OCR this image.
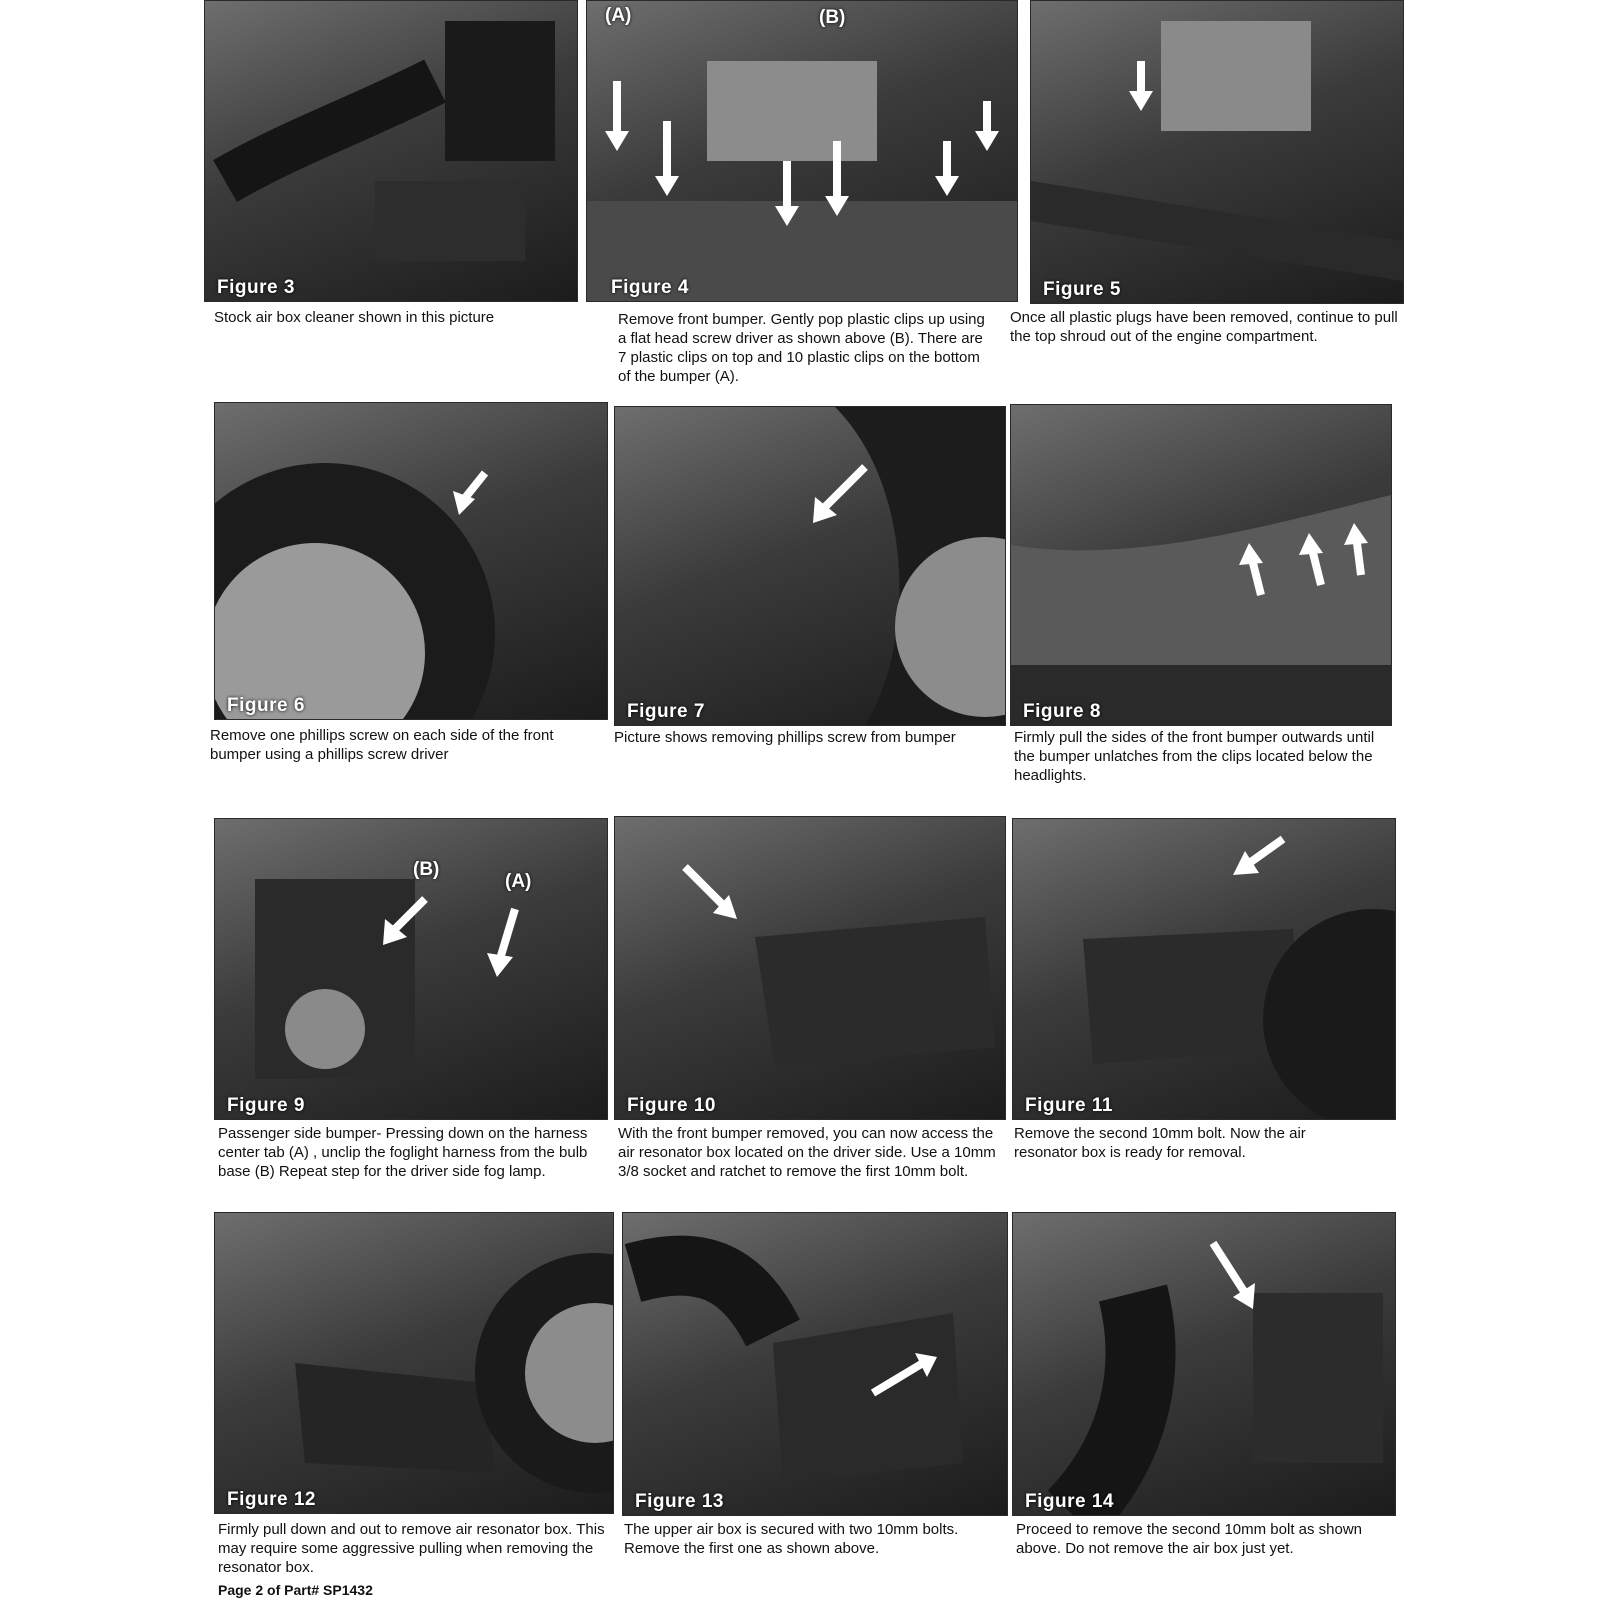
Figure 3
(A)	(B)
Figure 4	Figure 5

Stock air box cleaner shown in this picture	Remove front bumper. Gently pop plastic clips up using a flat head screw driver as shown above (B). There are 7 plastic clips on top and 10 plastic clips on the bottom of the bumper (A).

Once all plastic plugs have been removed, continue to pull the top shroud out of the engine compartment.

Figure 6	Figure 7	Figure 8

Remove one phillips screw on each side of the front bumper using a phillips screw driver

Picture shows removing phillips screw from bumper	Firmly pull the sides of the front bumper outwards until the bumper unlatches from the clips located below the headlights.

(B)
(A)
Figure 9	Figure 10	Figure 11

Passenger side bumper- Pressing down on the harness center tab (A) , unclip the foglight harness from the bulb base (B) Repeat step for the driver side fog lamp.

With the front bumper removed, you can now access the air resonator box located on the driver side. Use a 10mm 3/8 socket and ratchet to remove the first 10mm bolt.

Remove the second 10mm bolt. Now the air resonator box is ready for removal.

Figure 12	Figure 13	Figure 14

Firmly pull down and out to remove air resonator box. This may require some aggressive pulling when removing the resonator box.

The upper air box is secured with two 10mm bolts. Remove the first one as shown above.

Proceed to remove the second 10mm bolt as shown above. Do not remove the air box just yet.

Page 2 of Part# SP1432
